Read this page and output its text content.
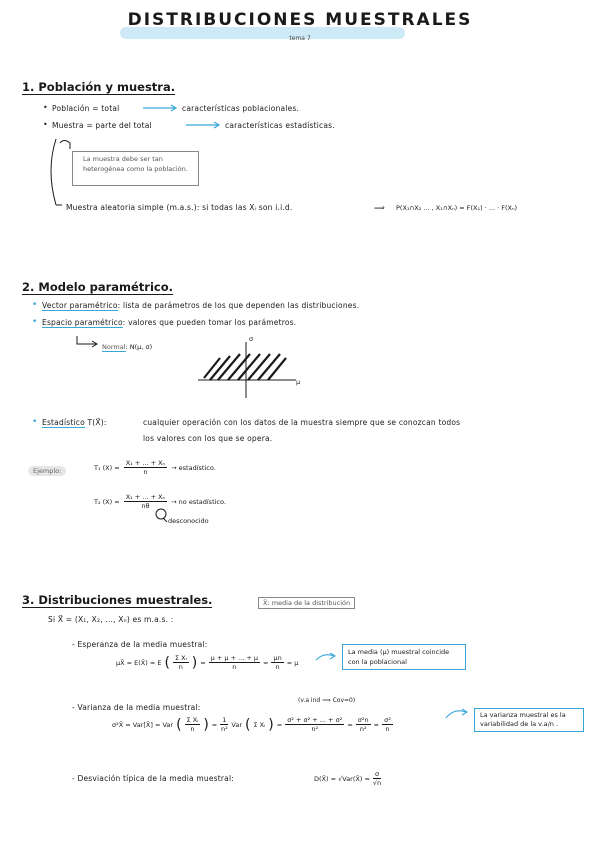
DISTRIBUCIONES MUESTRALES
tema 7
1. Población y muestra.
• Población = total	características poblacionales.
• Muestra = parte del total	características estadísticas.
La muestra debe ser tan heterogénea como la población.
Muestra aleatoria simple (m.a.s.): si todas las Xᵢ son i.i.d.	⟹ P(X₁∩X₂ ... , X₁∩Xₙ) = F(X₁) · ... · F(Xₙ)
2. Modelo paramétrico.
• Vector paramétrico: lista de parámetros de los que dependen las distribuciones.
• Espacio paramétrico: valores que pueden tomar los parámetros.
Normal: N(μ, σ)
σ
μ
• Estadístico T(X⃗):	cualquier operación con los datos de la muestra siempre que se conozcan todos
los valores con los que se opera.
Ejemplo:	T₁ $(X) = \frac{\text{X₁ + ... + Xₙ}}{n}$ → estadístico.
T₂ $(X) = \frac{\text{X₁ + ... + Xₙ}}{n\theta}$ → no estadístico.
desconocido
3. Distribuciones muestrales.	X̄: media de la distribución
Si X⃗ = (X₁, X₂, ..., Xₙ) es m.a.s. :
- Esperanza de la media muestral:
μX̄ = E(X̄) = E ( $\frac{\text{Σ Xᵢ}}{n}$ ) = $\frac{\mu + \mu + ... + \mu}{n} = \frac{\mu n}{n} = \mu$
La media (μ) muestral coincide con la poblacional
- Varianza de la media muestral:
(v.a ind ⟹ Cov=0)
σ²X̄ = Var[X̄] = Var ( $\frac{\text{Σ Xᵢ}}{n}$ ) = $\frac{1}{\text{n²}}$ Var ( Σ Xᵢ ) = $\frac{\text{σ² + σ² + ... + σ²}}{\text{n²}} = \frac{\text{σ²n}}{\text{n²}} = \frac{\text{σ²}}{n}$
La varianza muestral es la variabilidad de la v.a/n .
- Desviación típica de la media muestral:	D(X̄) = √Var(X̄) = $\frac{\sigma}{√n}$
